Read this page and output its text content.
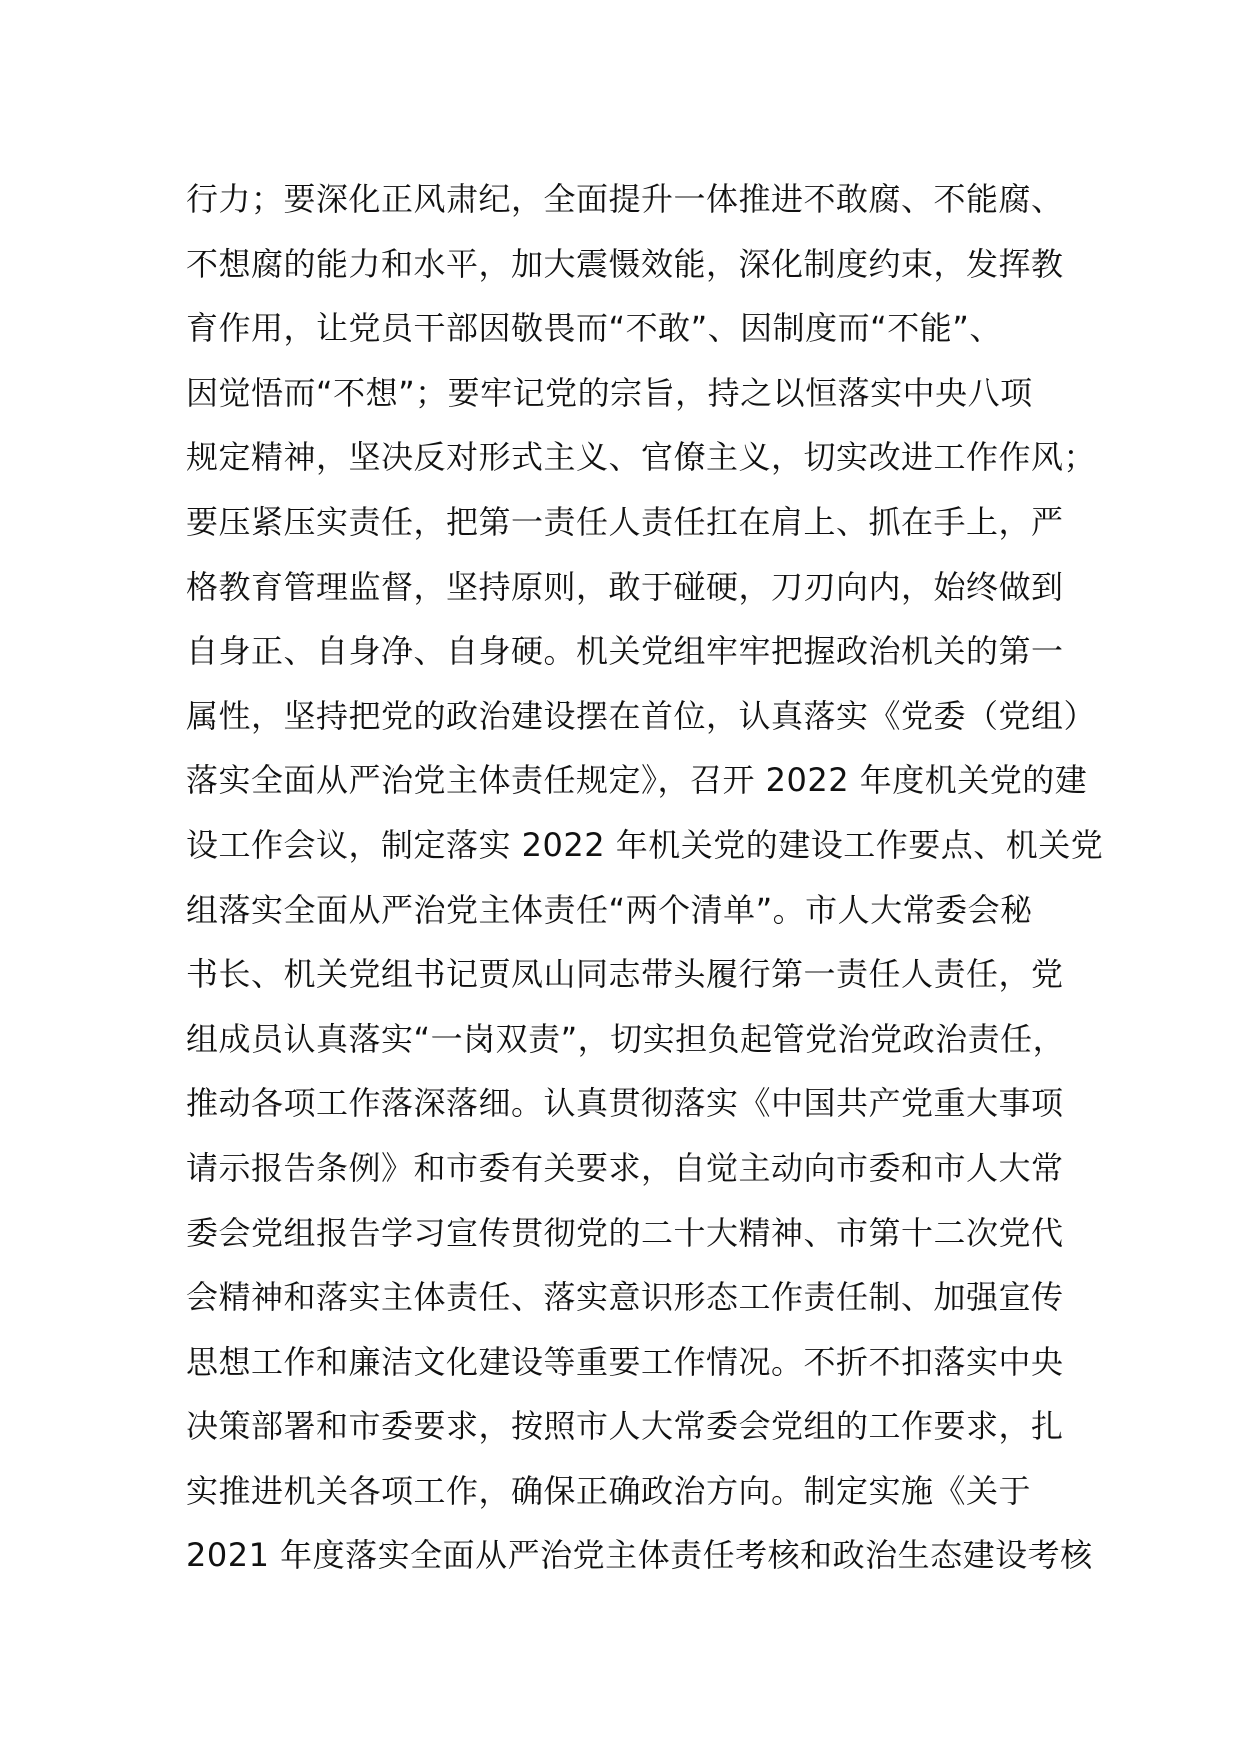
行力；要深化正风肃纪，全面提升一体推进不敢腐、不能腐、
不想腐的能力和水平，加大震慑效能，深化制度约束，发挥教
育作用，让党员干部因敬畏而“不敢”、因制度而“不能”、
因觉悟而“不想”；要牢记党的宗旨，持之以恒落实中央八项
规定精神，坚决反对形式主义、官僚主义，切实改进工作作风；
要压紧压实责任，把第一责任人责任扛在肩上、抓在手上，严
格教育管理监督，坚持原则，敢于碰硬，刀刃向内，始终做到
自身正、自身净、自身硬。机关党组牢牢把握政治机关的第一
属性，坚持把党的政治建设摆在首位，认真落实《党委（党组）
落实全面从严治党主体责任规定》，召开 2022 年度机关党的建
设工作会议，制定落实 2022 年机关党的建设工作要点、机关党
组落实全面从严治党主体责任“两个清单”。市人大常委会秘
书长、机关党组书记贾凤山同志带头履行第一责任人责任，党
组成员认真落实“一岗双责”，切实担负起管党治党政治责任，
推动各项工作落深落细。认真贯彻落实《中国共产党重大事项
请示报告条例》和市委有关要求，自觉主动向市委和市人大常
委会党组报告学习宣传贯彻党的二十大精神、市第十二次党代
会精神和落实主体责任、落实意识形态工作责任制、加强宣传
思想工作和廉洁文化建设等重要工作情况。不折不扣落实中央
决策部署和市委要求，按照市人大常委会党组的工作要求，扎
实推进机关各项工作，确保正确政治方向。制定实施《关于
2021 年度落实全面从严治党主体责任考核和政治生态建设考核
